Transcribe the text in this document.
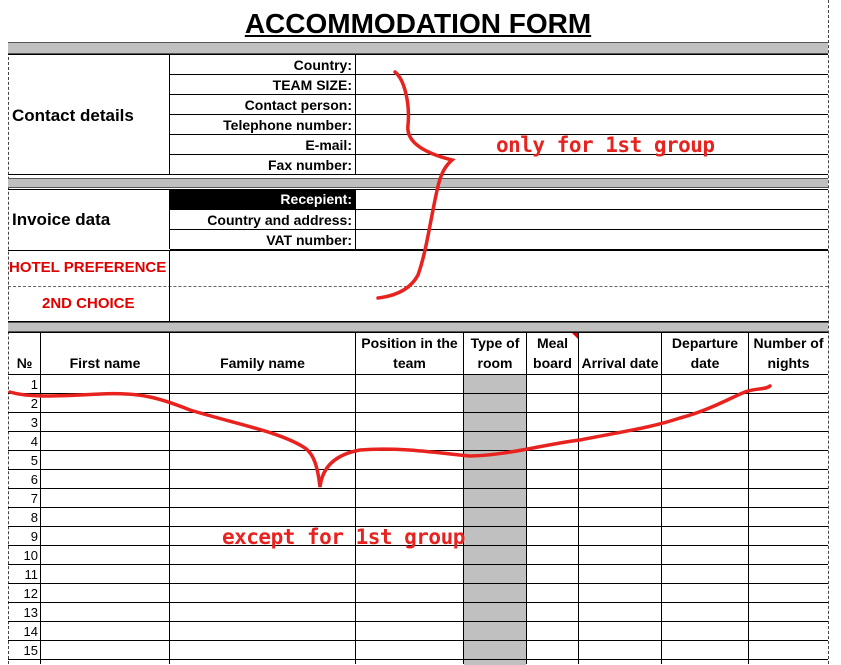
ACCOMMODATION FORM
Contact details
Country:
TEAM SIZE:
Contact person:
Telephone number:
E-mail:
Fax number:
Invoice data
Recepient:
Country and address:
VAT number:
HOTEL PREFERENCE
2ND CHOICE
№	First name	Family name
Position in the team
Type of room
Meal board Arrival date
Departure date
Number of nights
1
2
3
4
5
6
7
8
9
10
11
12
13
14
15
only for 1st group
except for 1st group
